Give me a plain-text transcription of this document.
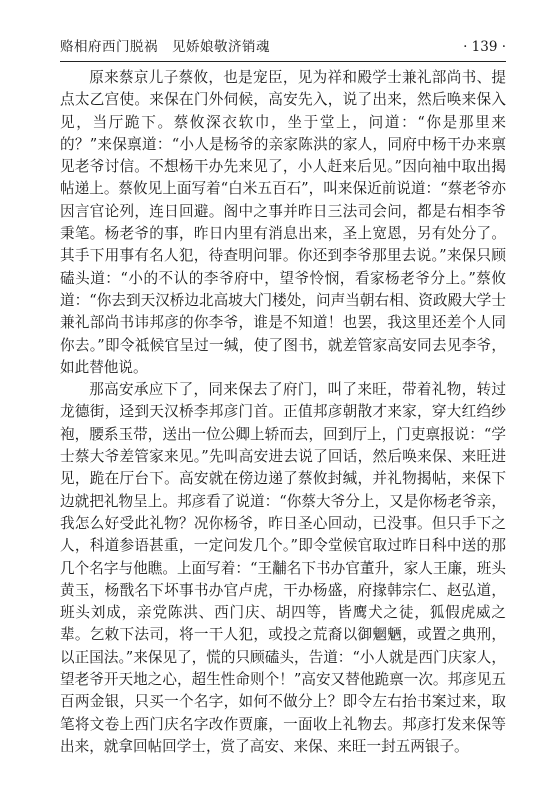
赂相府西门脱祸　见娇娘敬济销魂	· 139 ·

原来蔡京儿子蔡攸，也是宠臣，见为祥和殿学士兼礼部尚书、提点太乙宫使。来保在门外伺候，高安先入，说了出来，然后唤来保入见，当厅跪下。蔡攸深衣软巾，坐于堂上，问道：“你是那里来的？”来保禀道：“小人是杨爷的亲家陈洪的家人，同府中杨干办来禀见老爷讨信。不想杨干办先来见了，小人赶来后见。”因向袖中取出揭帖递上。蔡攸见上面写着“白米五百石”，叫来保近前说道：“蔡老爷亦因言官论列，连日回避。阁中之事并昨日三法司会问，都是右相李爷秉笔。杨老爷的事，昨日内里有消息出来，圣上宽恩，另有处分了。其手下用事有名人犯，待查明问罪。你还到李爷那里去说。”来保只顾磕头道：“小的不认的李爷府中，望爷怜悯，看家杨老爷分上。”蔡攸道：“你去到天汉桥边北高坡大门楼处，问声当朝右相、资政殿大学士兼礼部尚书讳邦彦的你李爷，谁是不知道！也罢，我这里还差个人同你去。”即令祗候官呈过一缄，使了图书，就差管家高安同去见李爷，如此替他说。

那高安承应下了，同来保去了府门，叫了来旺，带着礼物，转过龙德街，迳到天汉桥李邦彦门首。正值邦彦朝散才来家，穿大红绉纱袍，腰系玉带，送出一位公卿上轿而去，回到厅上，门吏禀报说：“学士蔡大爷差管家来见。”先叫高安进去说了回话，然后唤来保、来旺进见，跪在厅台下。高安就在傍边递了蔡攸封缄，并礼物揭帖，来保下边就把礼物呈上。邦彦看了说道：“你蔡大爷分上，又是你杨老爷亲，我怎么好受此礼物？况你杨爷，昨日圣心回动，已没事。但只手下之人，科道参语甚重，一定问发几个。”即令堂候官取过昨日科中送的那几个名字与他瞧。上面写着：“王黼名下书办官董升，家人王廉，班头黄玉，杨戬名下坏事书办官卢虎，干办杨盛，府掾韩宗仁、赵弘道，班头刘成，亲党陈洪、西门庆、胡四等，皆鹰犬之徒，狐假虎威之辈。乞敕下法司，将一干人犯，或投之荒裔以御魍魉，或置之典刑，以正国法。”来保见了，慌的只顾磕头，告道：“小人就是西门庆家人，望老爷开天地之心，超生性命则个！”高安又替他跪禀一次。邦彦见五百两金银，只买一个名字，如何不做分上？即令左右抬书案过来，取笔将文卷上西门庆名字改作贾廉，一面收上礼物去。邦彦打发来保等出来，就拿回帖回学士，赏了高安、来保、来旺一封五两银子。
